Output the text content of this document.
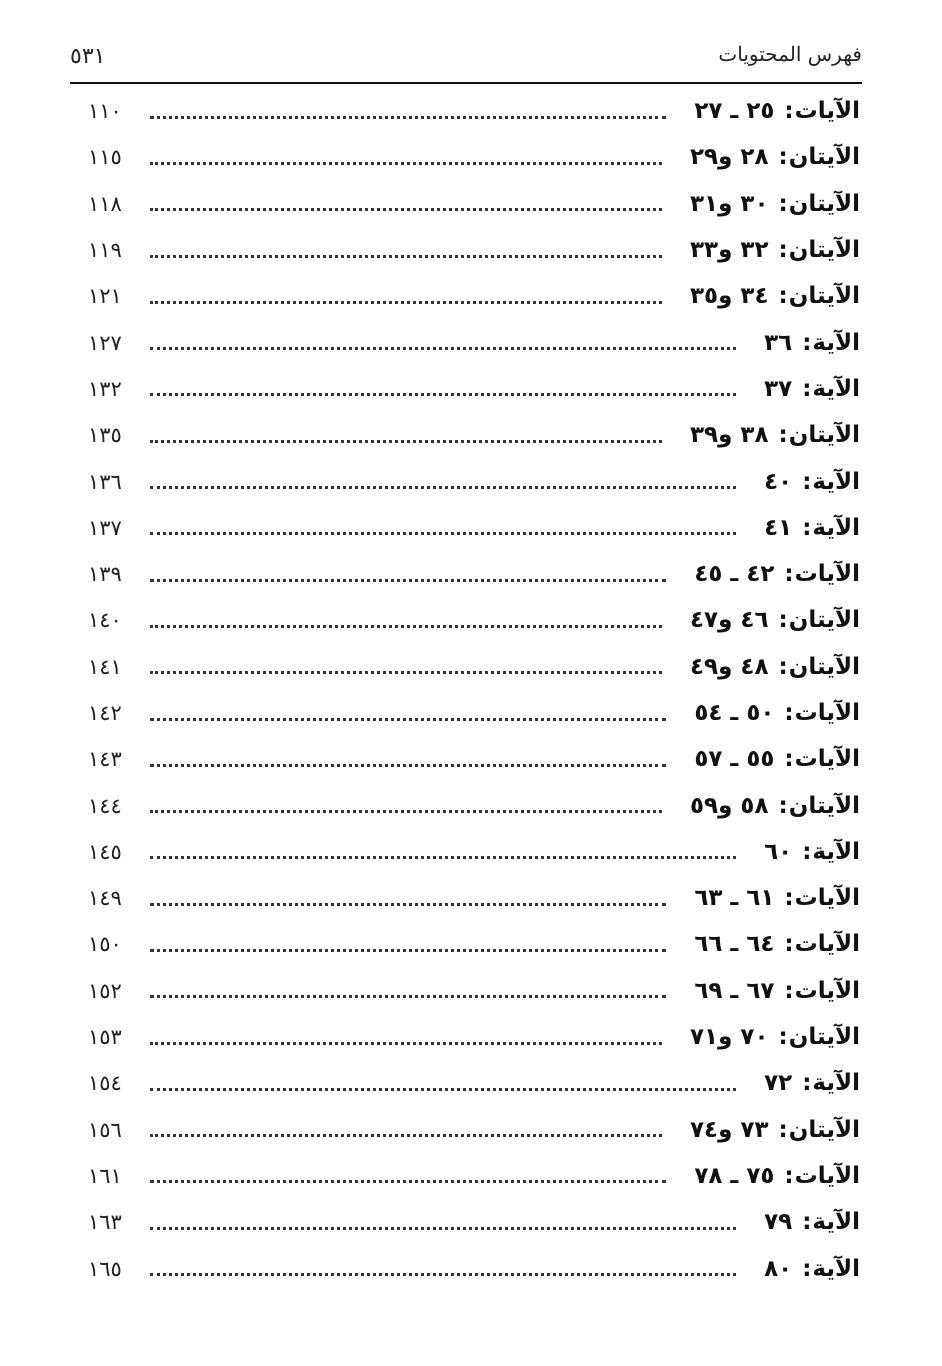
٥٣١	فهرس المحتويات
الآيات:٢٥ ـ ٢٧
١١٠
الآيتان:٢٨ و٢٩
١١٥
الآيتان:٣٠ و٣١
١١٨
الآيتان:٣٢ و٣٣
١١٩
الآيتان:٣٤ و٣٥
١٢١
الآية:٣٦
١٢٧
الآية:٣٧
١٣٢
الآيتان:٣٨ و٣٩
١٣٥
الآية:٤٠
١٣٦
الآية:٤١
١٣٧
الآيات:٤٢ ـ ٤٥
١٣٩
الآيتان:٤٦ و٤٧
١٤٠
الآيتان:٤٨ و٤٩
١٤١
الآيات:٥٠ ـ ٥٤
١٤٢
الآيات:٥٥ ـ ٥٧
١٤٣
الآيتان:٥٨ و٥٩
١٤٤
الآية:٦٠
١٤٥
الآيات:٦١ ـ ٦٣
١٤٩
الآيات:٦٤ ـ ٦٦
١٥٠
الآيات:٦٧ ـ ٦٩
١٥٢
الآيتان:٧٠ و٧١
١٥٣
الآية:٧٢
١٥٤
الآيتان:٧٣ و٧٤
١٥٦
الآيات:٧٥ ـ ٧٨
١٦١
الآية:٧٩
١٦٣
الآية:٨٠
١٦٥
